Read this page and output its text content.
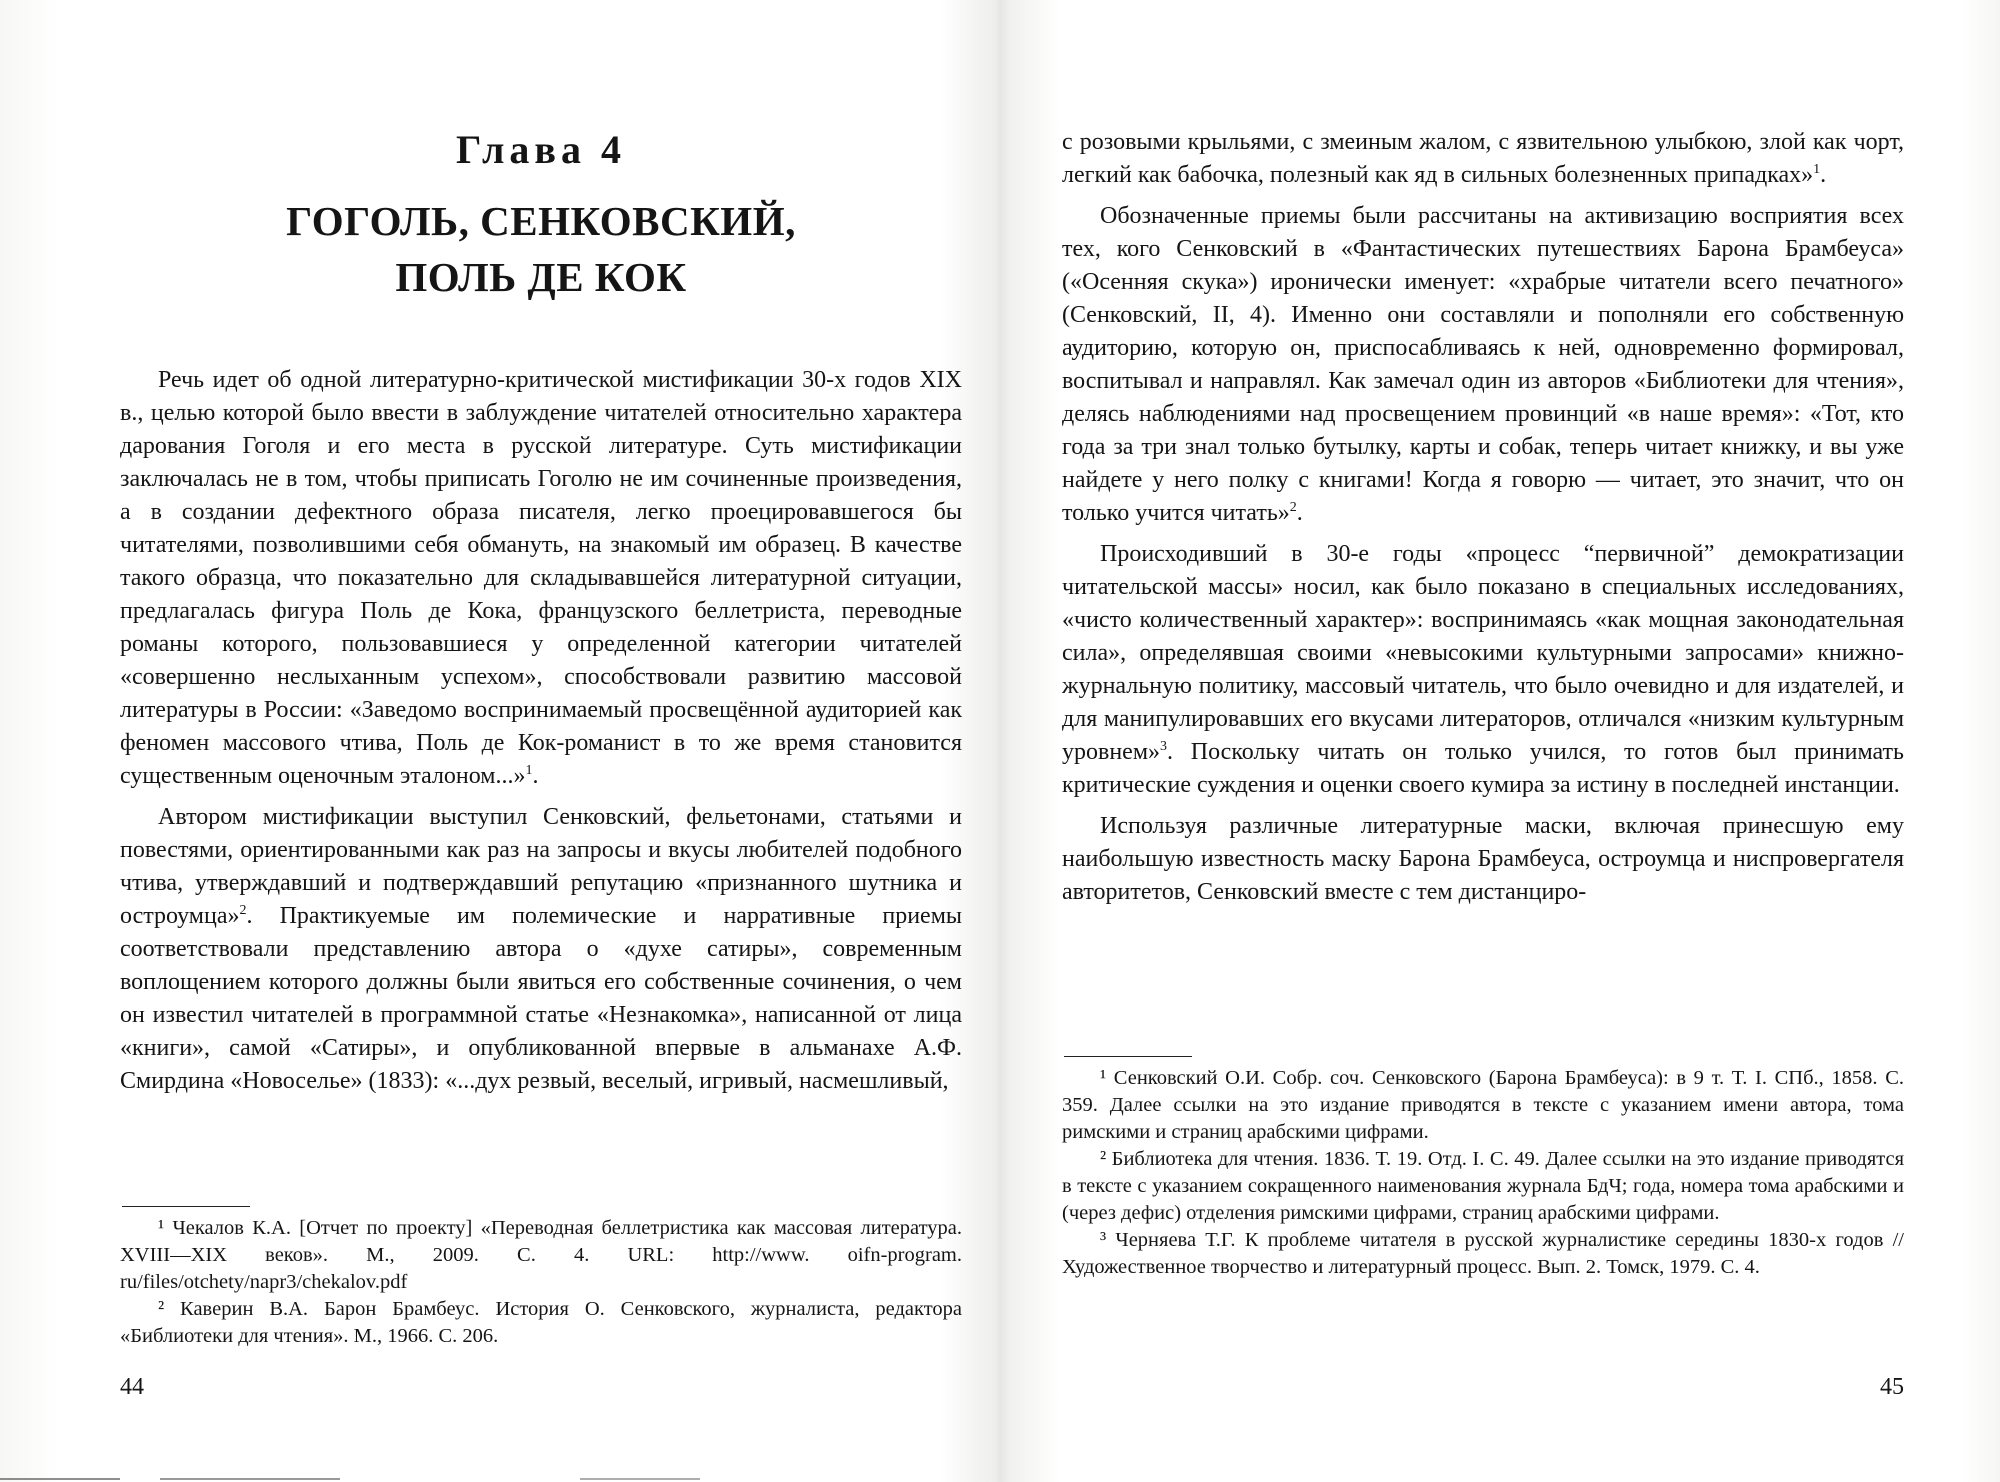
Глава 4
ГОГОЛЬ, СЕНКОВСКИЙ,
ПОЛЬ ДЕ КОК

Речь идет об одной литературно-критической мистификации 30-х годов XIX в., целью которой было ввести в заблуждение читателей относительно характера дарования Гоголя и его места в русской литературе. Суть мистификации заключалась не в том, чтобы приписать Гоголю не им сочиненные произведения, а в создании дефектного образа писателя, легко проецировавшегося бы читателями, позволившими себя обмануть, на знакомый им образец. В качестве такого образца, что показательно для складывавшейся литературной ситуации, предлагалась фигура Поль де Кока, французского беллетриста, переводные романы которого, пользовавшиеся у определенной категории читателей «совершенно неслыханным успехом», способствовали развитию массовой литературы в России: «Заведомо воспринимаемый просвещённой аудиторией как феномен массового чтива, Поль де Кок-романист в то же время становится существенным оценочным эталоном...»$^1$.

Автором мистификации выступил Сенковский, фельетонами, статьями и повестями, ориентированными как раз на запросы и вкусы любителей подобного чтива, утверждавший и подтверждавший репутацию «признанного шутника и остроумца»$^2$. Практикуемые им полемические и нарративные приемы соответствовали представлению автора о «духе сатиры», современным воплощением которого должны были явиться его собственные сочинения, о чем он известил читателей в программной статье «Незнакомка», написанной от лица «книги», самой «Сатиры», и опубликованной впервые в альманахе А.Ф. Смирдина «Новоселье» (1833): «...дух резвый, веселый, игривый, насмешливый,

¹ Чекалов К.А. [Отчет по проекту] «Переводная беллетристика как массовая литература. XVIII—XIX веков». М., 2009. С. 4. URL: http://www. oifn-program. ru/files/otchety/napr3/chekalov.pdf

² Каверин В.А. Барон Брамбеус. История О. Сенковского, журналиста, редактора «Библиотеки для чтения». М., 1966. С. 206.

44

с розовыми крыльями, с змеиным жалом, с язвительною улыбкою, злой как чорт, легкий как бабочка, полезный как яд в сильных болезненных припадках»$^1$.

Обозначенные приемы были рассчитаны на активизацию восприятия всех тех, кого Сенковский в «Фантастических путешествиях Барона Брамбеуса» («Осенняя скука») иронически именует: «храбрые читатели всего печатного» (Сенковский, II, 4). Именно они составляли и пополняли его собственную аудиторию, которую он, приспосабливаясь к ней, одновременно формировал, воспитывал и направлял. Как замечал один из авторов «Библиотеки для чтения», делясь наблюдениями над просвещением провинций «в наше время»: «Тот, кто года за три знал только бутылку, карты и собак, теперь читает книжку, и вы уже найдете у него полку с книгами! Когда я говорю — читает, это значит, что он только учится читать»$^2$.

Происходивший в 30-е годы «процесс “первичной” демократизации читательской массы» носил, как было показано в специальных исследованиях, «чисто количественный характер»: воспринимаясь «как мощная законодательная сила», определявшая своими «невысокими культурными запросами» книжно-журнальную политику, массовый читатель, что было очевидно и для издателей, и для манипулировавших его вкусами литераторов, отличался «низким культурным уровнем»$^3$. Поскольку читать он только учился, то готов был принимать критические суждения и оценки своего кумира за истину в последней инстанции.

Используя различные литературные маски, включая принесшую ему наибольшую известность маску Барона Брамбеуса, остроумца и ниспровергателя авторитетов, Сенковский вместе с тем дистанциро-

¹ Сенковский О.И. Собр. соч. Сенковского (Барона Брамбеуса): в 9 т. Т. I. СПб., 1858. С. 359. Далее ссылки на это издание приводятся в тексте с указанием имени автора, тома римскими и страниц арабскими цифрами.

² Библиотека для чтения. 1836. Т. 19. Отд. I. С. 49. Далее ссылки на это издание приводятся в тексте с указанием сокращенного наименования журнала БдЧ; года, номера тома арабскими и (через дефис) отделения римскими цифрами, страниц арабскими цифрами.

³ Черняева Т.Г. К проблеме читателя в русской журналистике середины 1830-х годов // Художественное творчество и литературный процесс. Вып. 2. Томск, 1979. С. 4.

45
